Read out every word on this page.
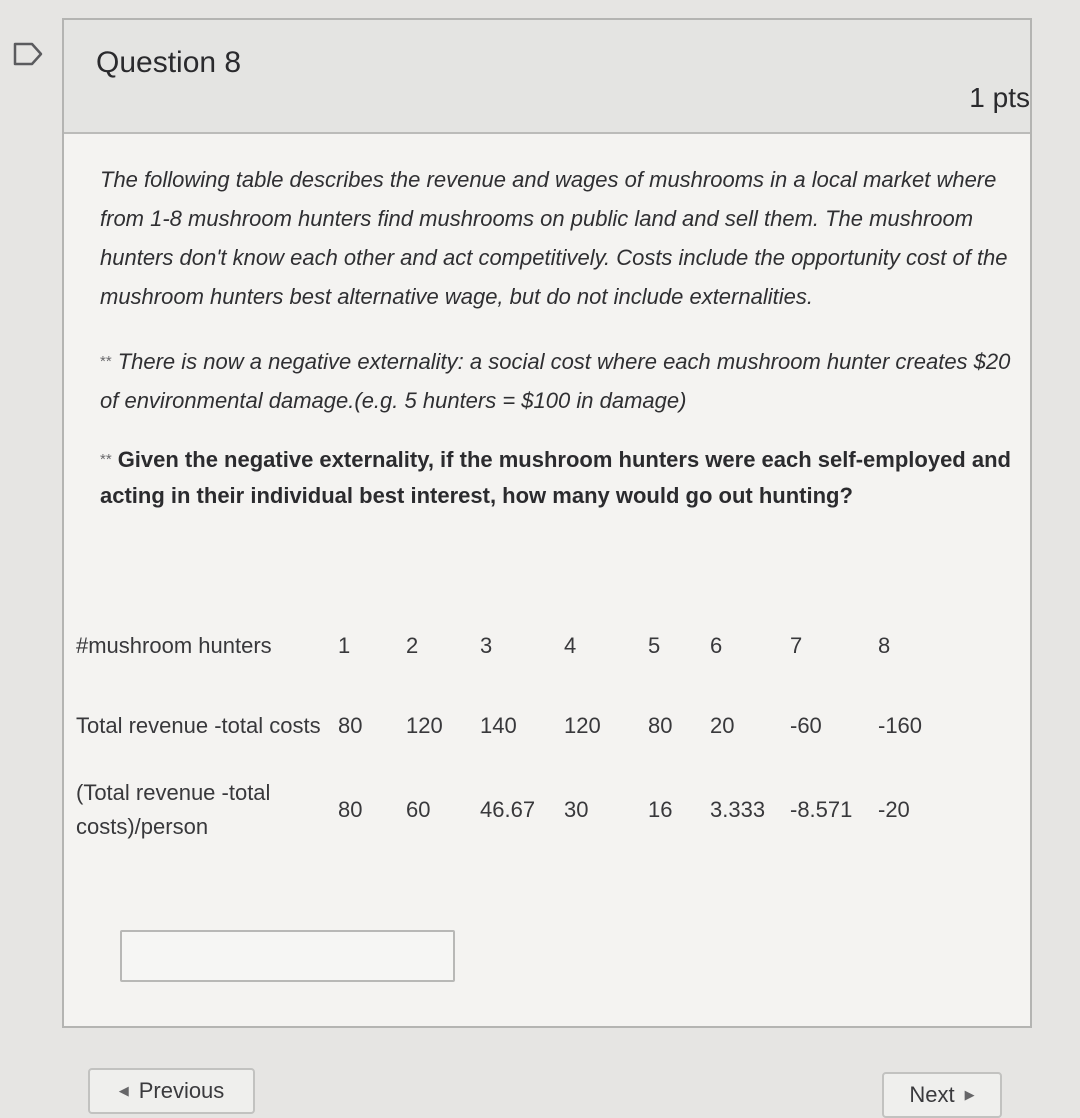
Question 8
1 pts

The following table describes the revenue and wages of mushrooms in a local market where from 1-8 mushroom hunters find mushrooms on public land and sell them. The mushroom hunters don't know each other and act competitively. Costs include the opportunity cost of the mushroom hunters best alternative wage, but do not include externalities.

** There is now a negative externality: a social cost where each mushroom hunter creates $20 of environmental damage.(e.g. 5 hunters = $100 in damage)

** Given the negative externality, if the mushroom hunters were each self-employed and acting in their individual best interest, how many would go out hunting?

#mushroom hunters	1	2	3	4	5	6	7	8
Total revenue -total costs	80	120	140	120	80	20	-60	-160
(Total revenue -total costs)/person	80	60	46.67	30	16	3.333	-8.571	-20
◀ Previous	Next ▶
